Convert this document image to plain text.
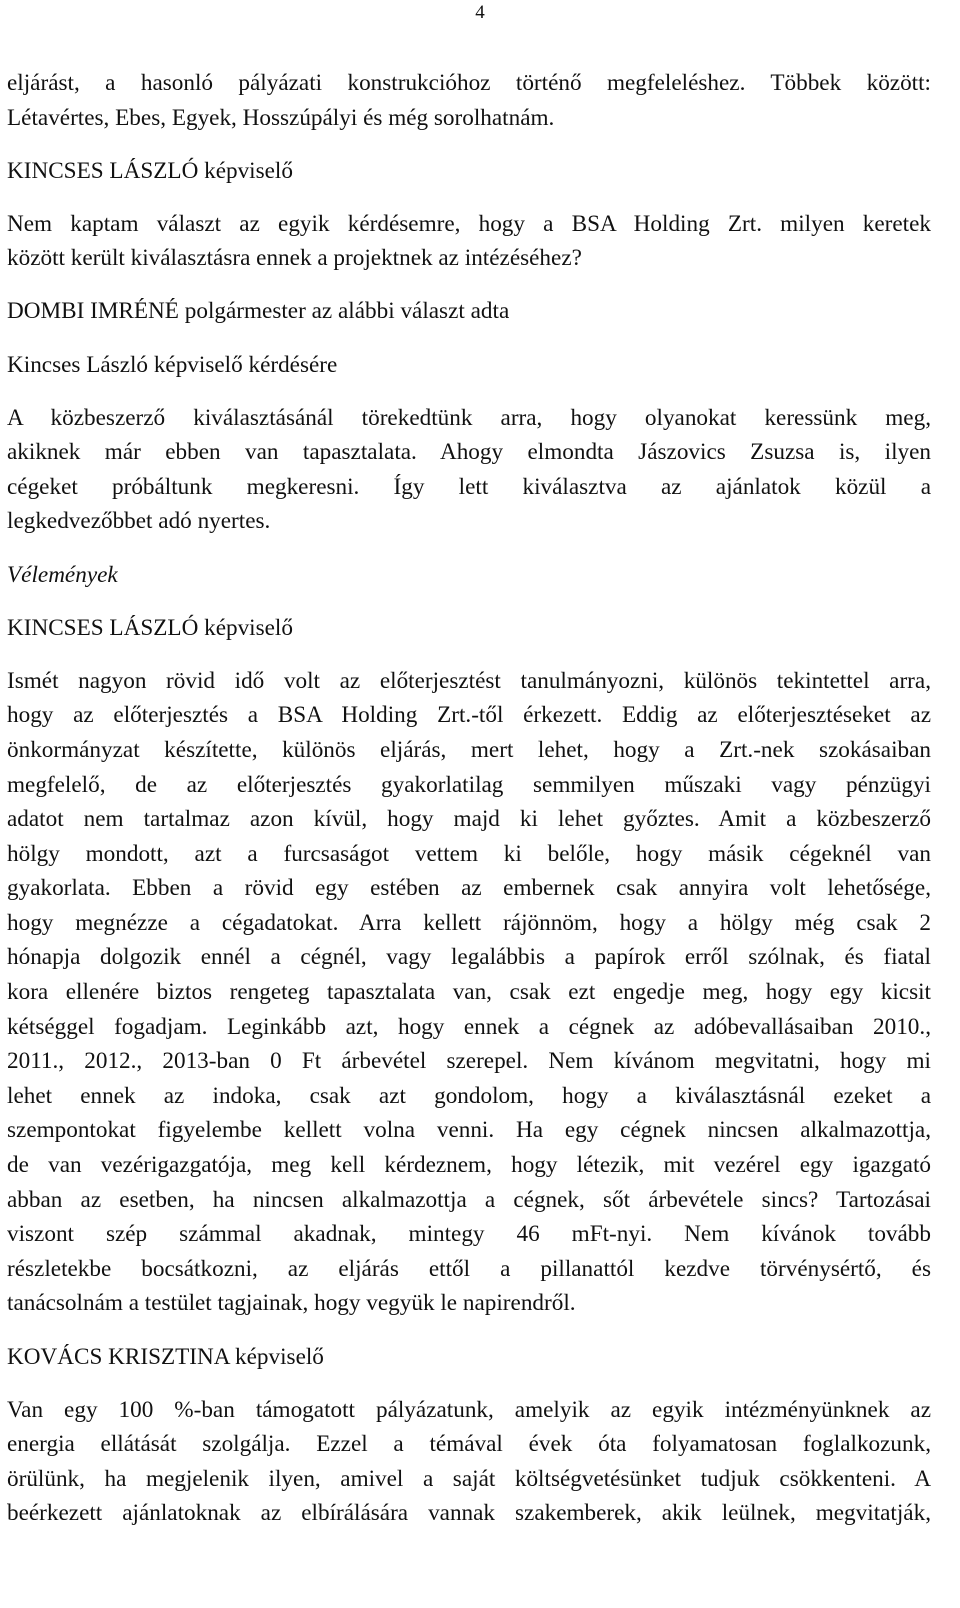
4
eljárást, a hasonló pályázati konstrukcióhoz történő megfeleléshez. Többek között:
Létavértes, Ebes, Egyek, Hosszúpályi és még sorolhatnám.
KINCSES LÁSZLÓ képviselő
Nem kaptam választ az egyik kérdésemre, hogy a BSA Holding Zrt. milyen keretek
között került kiválasztásra ennek a projektnek az intézéséhez?
DOMBI IMRÉNÉ polgármester az alábbi választ adta
Kincses László képviselő kérdésére
A közbeszerző kiválasztásánál törekedtünk arra, hogy olyanokat keressünk meg,
akiknek már ebben van tapasztalata. Ahogy elmondta Jászovics Zsuzsa is, ilyen
cégeket próbáltunk megkeresni. Így lett kiválasztva az ajánlatok közül a
legkedvezőbbet adó nyertes.
Vélemények
KINCSES LÁSZLÓ képviselő
Ismét nagyon rövid idő volt az előterjesztést tanulmányozni, különös tekintettel arra,
hogy az előterjesztés a BSA Holding Zrt.-től érkezett. Eddig az előterjesztéseket az
önkormányzat készítette, különös eljárás, mert lehet, hogy a Zrt.-nek szokásaiban
megfelelő, de az előterjesztés gyakorlatilag semmilyen műszaki vagy pénzügyi
adatot nem tartalmaz azon kívül, hogy majd ki lehet győztes. Amit a közbeszerző
hölgy mondott, azt a furcsaságot vettem ki belőle, hogy másik cégeknél van
gyakorlata. Ebben a rövid egy estében az embernek csak annyira volt lehetősége,
hogy megnézze a cégadatokat. Arra kellett rájönnöm, hogy a hölgy még csak 2
hónapja dolgozik ennél a cégnél, vagy legalábbis a papírok erről szólnak, és fiatal
kora ellenére biztos rengeteg tapasztalata van, csak ezt engedje meg, hogy egy kicsit
kétséggel fogadjam. Leginkább azt, hogy ennek a cégnek az adóbevallásaiban 2010.,
2011., 2012., 2013-ban 0 Ft árbevétel szerepel. Nem kívánom megvitatni, hogy mi
lehet ennek az indoka, csak azt gondolom, hogy a kiválasztásnál ezeket a
szempontokat figyelembe kellett volna venni. Ha egy cégnek nincsen alkalmazottja,
de van vezérigazgatója, meg kell kérdeznem, hogy létezik, mit vezérel egy igazgató
abban az esetben, ha nincsen alkalmazottja a cégnek, sőt árbevétele sincs? Tartozásai
viszont szép számmal akadnak, mintegy 46 mFt-nyi. Nem kívánok tovább
részletekbe bocsátkozni, az eljárás ettől a pillanattól kezdve törvénysértő, és
tanácsolnám a testület tagjainak, hogy vegyük le napirendről.
KOVÁCS KRISZTINA képviselő
Van egy 100 %-ban támogatott pályázatunk, amelyik az egyik intézményünknek az
energia ellátását szolgálja. Ezzel a témával évek óta folyamatosan foglalkozunk,
örülünk, ha megjelenik ilyen, amivel a saját költségvetésünket tudjuk csökkenteni. A
beérkezett ajánlatoknak az elbírálására vannak szakemberek, akik leülnek, megvitatják,
